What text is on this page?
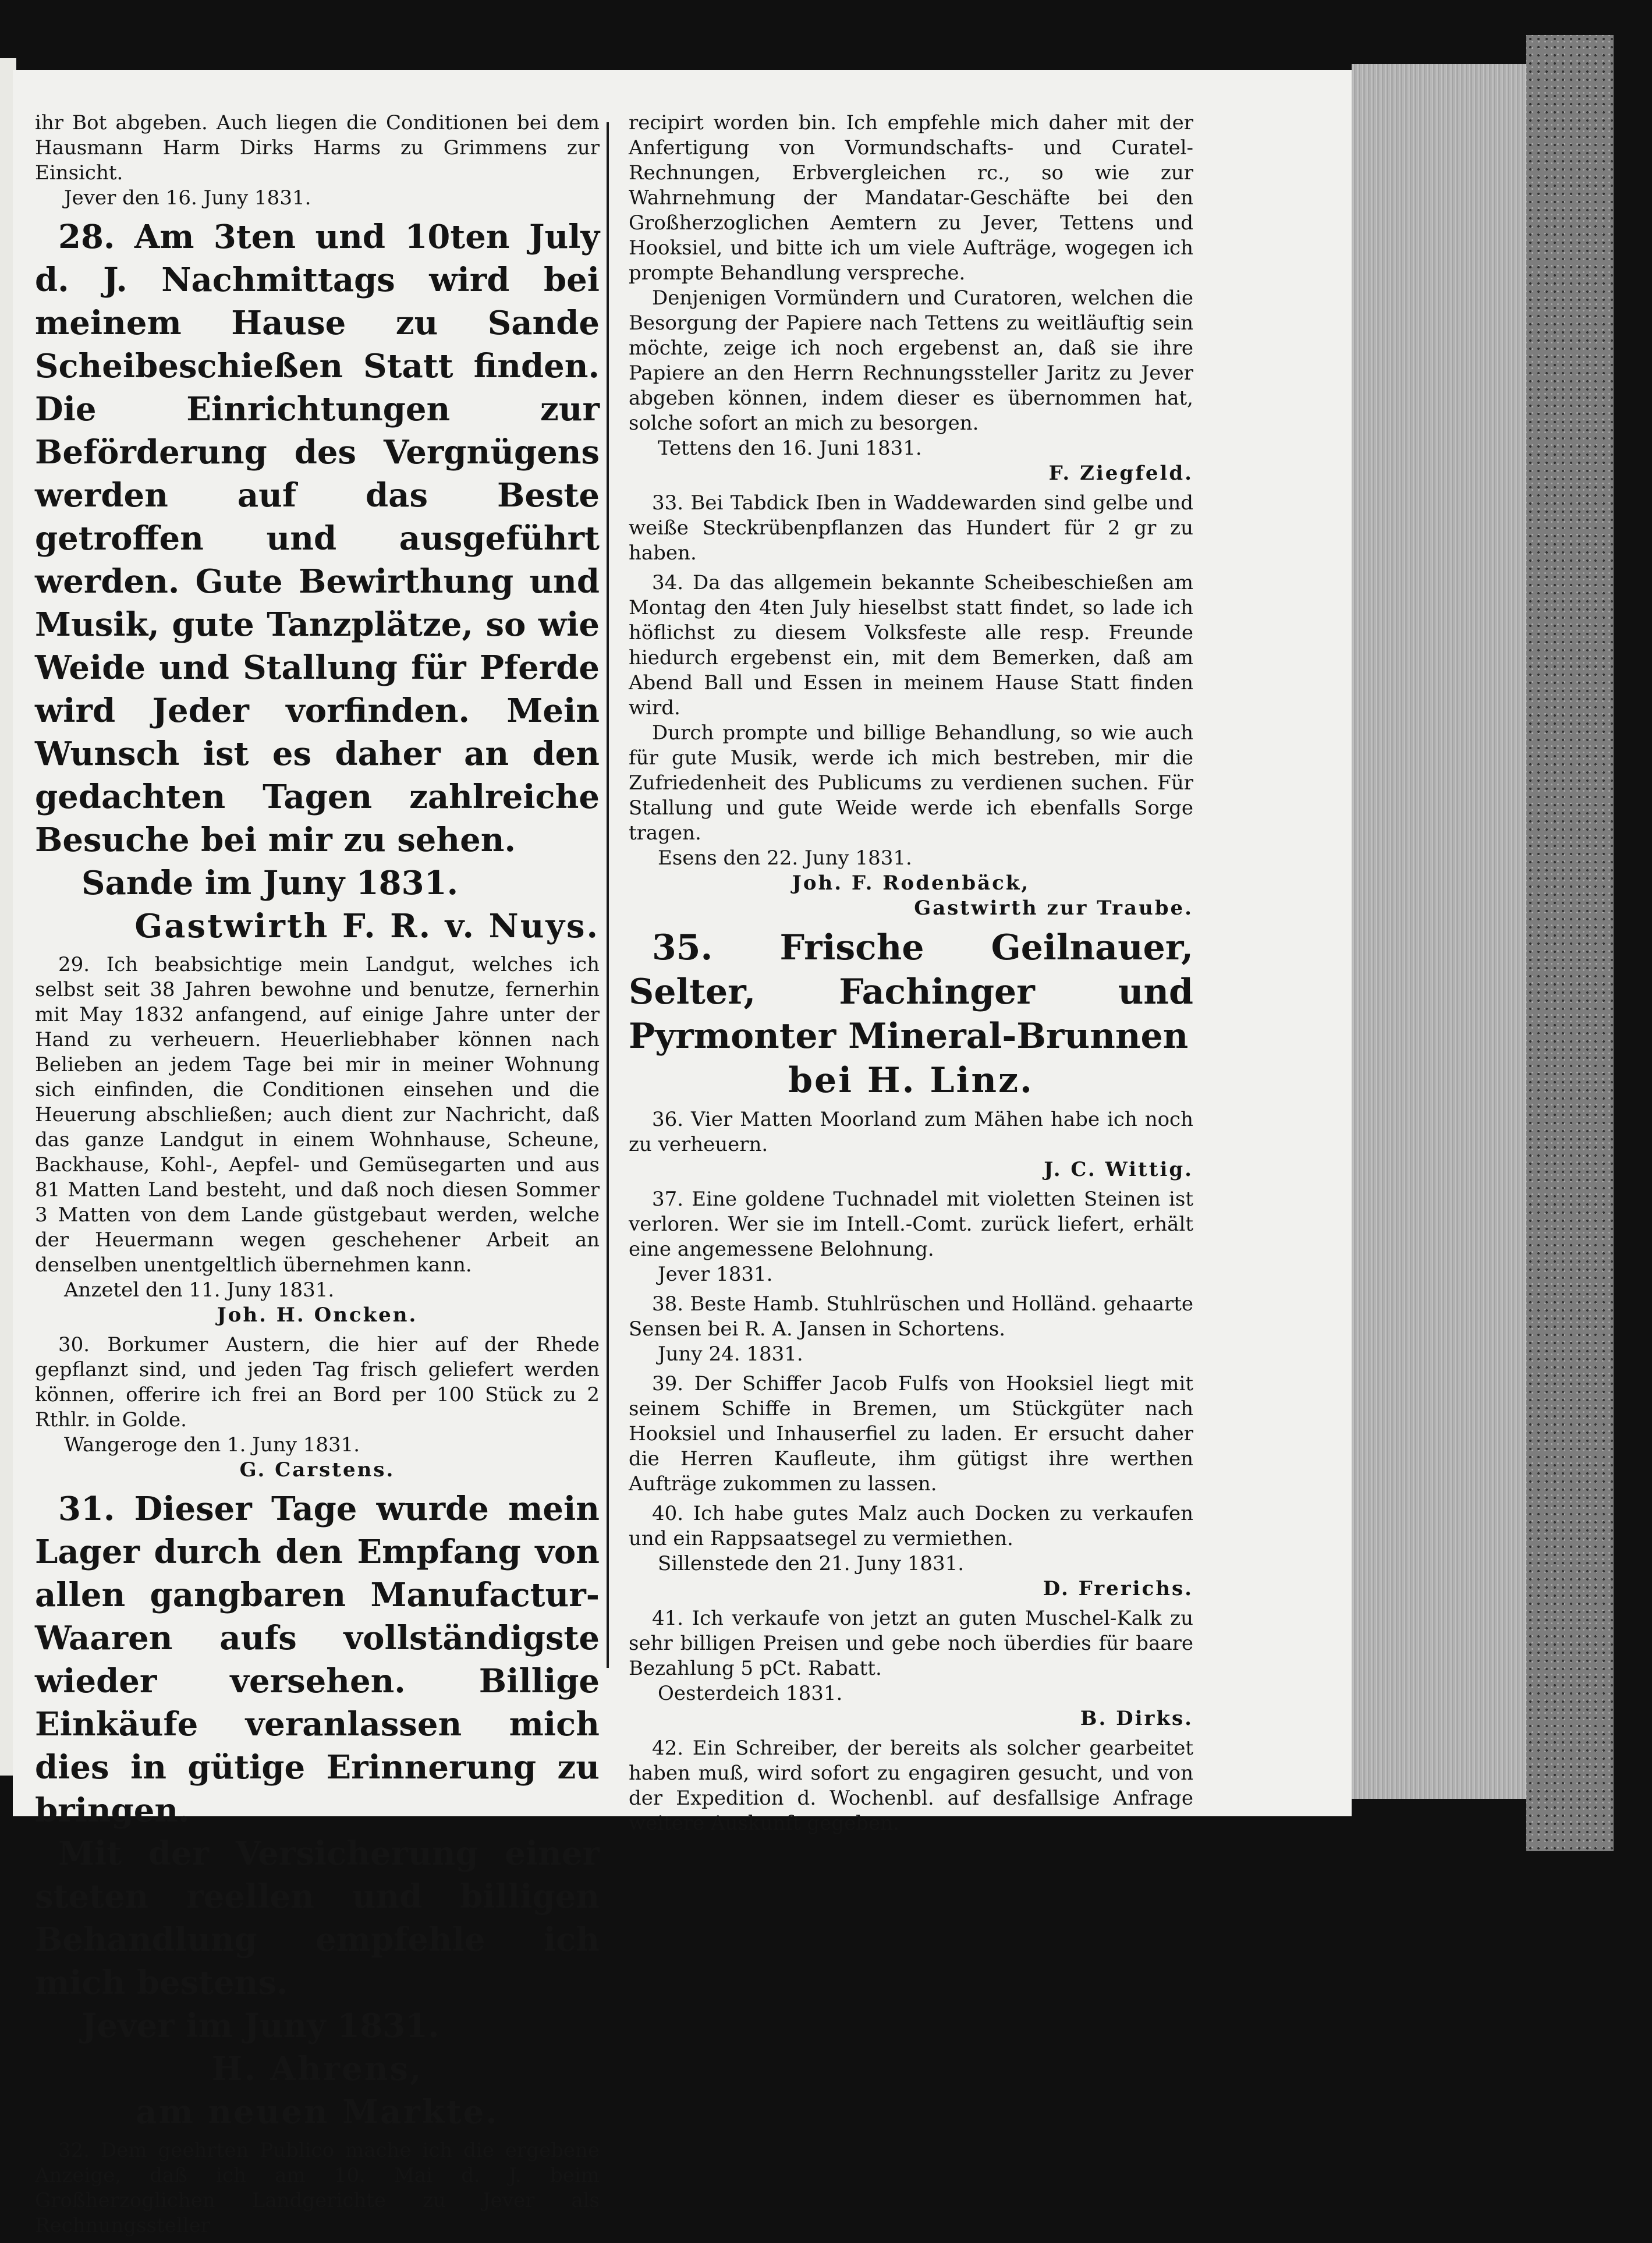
ihr Bot abgeben. Auch liegen die Conditionen bei dem Hausmann Harm Dirks Harms zu Grimmens zur Einsicht.

Jever den 16. Juny 1831.

28. Am 3ten und 10ten July d. J. Nachmittags wird bei meinem Hause zu Sande Scheibeschießen Statt finden. Die Einrichtungen zur Beförderung des Vergnügens werden auf das Beste getroffen und ausgeführt werden. Gute Bewirthung und Musik, gute Tanzplätze, so wie Weide und Stallung für Pferde wird Jeder vorfinden. Mein Wunsch ist es daher an den gedachten Tagen zahlreiche Besuche bei mir zu sehen.

Sande im Juny 1831.

Gastwirth F. R. v. Nuys.

29. Ich beabsichtige mein Landgut, welches ich selbst seit 38 Jahren bewohne und benutze, fernerhin mit May 1832 anfangend, auf einige Jahre unter der Hand zu verheuern. Heuerliebhaber können nach Belieben an jedem Tage bei mir in meiner Wohnung sich einfinden, die Conditionen einsehen und die Heuerung abschließen; auch dient zur Nachricht, daß das ganze Landgut in einem Wohnhause, Scheune, Backhause, Kohl-, Aepfel- und Gemüsegarten und aus 81 Matten Land besteht, und daß noch diesen Sommer 3 Matten von dem Lande güstgebaut werden, welche der Heuermann wegen geschehener Arbeit an denselben unentgeltlich übernehmen kann.

Anzetel den 11. Juny 1831.

Joh. H. Oncken.

30. Borkumer Austern, die hier auf der Rhede gepflanzt sind, und jeden Tag frisch geliefert werden können, offerire ich frei an Bord per 100 Stück zu 2 Rthlr. in Golde.

Wangeroge den 1. Juny 1831.

G. Carstens.

31. Dieser Tage wurde mein Lager durch den Empfang von allen gangbaren Manufactur-Waaren aufs vollständigste wieder versehen. Billige Einkäufe veranlassen mich dies in gütige Erinnerung zu bringen.

Mit der Versicherung einer steten reellen und billigen Behandlung empfehle ich mich bestens.

Jever im Juny 1831.

H. Ahrens,

am neuen Markte.

32. Dem geehrten Publico mache ich die ergebene Anzeige, daß ich am 10. Mai d. J. beim Großherzoglichen Landgerichte zu Jever als Rechnungssteller

recipirt worden bin. Ich empfehle mich daher mit der Anfertigung von Vormundschafts- und Curatel-Rechnungen, Erbvergleichen rc., so wie zur Wahrnehmung der Mandatar-Geschäfte bei den Großherzoglichen Aemtern zu Jever, Tettens und Hooksiel, und bitte ich um viele Aufträge, wogegen ich prompte Behandlung verspreche.

Denjenigen Vormündern und Curatoren, welchen die Besorgung der Papiere nach Tettens zu weitläuftig sein möchte, zeige ich noch ergebenst an, daß sie ihre Papiere an den Herrn Rechnungssteller Jaritz zu Jever abgeben können, indem dieser es übernommen hat, solche sofort an mich zu besorgen.

Tettens den 16. Juni 1831.

F. Ziegfeld.

33. Bei Tabdick Iben in Waddewarden sind gelbe und weiße Steckrübenpflanzen das Hundert für 2 gr zu haben.

34. Da das allgemein bekannte Scheibeschießen am Montag den 4ten July hieselbst statt findet, so lade ich höflichst zu diesem Volksfeste alle resp. Freunde hiedurch ergebenst ein, mit dem Bemerken, daß am Abend Ball und Essen in meinem Hause Statt finden wird.

Durch prompte und billige Behandlung, so wie auch für gute Musik, werde ich mich bestreben, mir die Zufriedenheit des Publicums zu verdienen suchen. Für Stallung und gute Weide werde ich ebenfalls Sorge tragen.

Esens den 22. Juny 1831.

Joh. F. Rodenbäck,

Gastwirth zur Traube.

35. Frische Geilnauer, Selter, Fachinger und Pyrmonter Mineral-Brunnen

bei H. Linz.

36. Vier Matten Moorland zum Mähen habe ich noch zu verheuern.

J. C. Wittig.

37. Eine goldene Tuchnadel mit violetten Steinen ist verloren. Wer sie im Intell.-Comt. zurück liefert, erhält eine angemessene Belohnung.

Jever 1831.

38. Beste Hamb. Stuhlrüschen und Holländ. gehaarte Sensen bei R. A. Jansen in Schortens.

Juny 24. 1831.

39. Der Schiffer Jacob Fulfs von Hooksiel liegt mit seinem Schiffe in Bremen, um Stückgüter nach Hooksiel und Inhauserfiel zu laden. Er ersucht daher die Herren Kaufleute, ihm gütigst ihre werthen Aufträge zukommen zu lassen.

40. Ich habe gutes Malz auch Docken zu verkaufen und ein Rappsaatsegel zu vermiethen.

Sillenstede den 21. Juny 1831.

D. Frerichs.

41. Ich verkaufe von jetzt an guten Muschel-Kalk zu sehr billigen Preisen und gebe noch überdies für baare Bezahlung 5 pCt. Rabatt.

Oesterdeich 1831.

B. Dirks.

42. Ein Schreiber, der bereits als solcher gearbeitet haben muß, wird sofort zu engagiren gesucht, und von der Expedition d. Wochenbl. auf desfallsige Anfrage weitere Auskunft gegeben.
